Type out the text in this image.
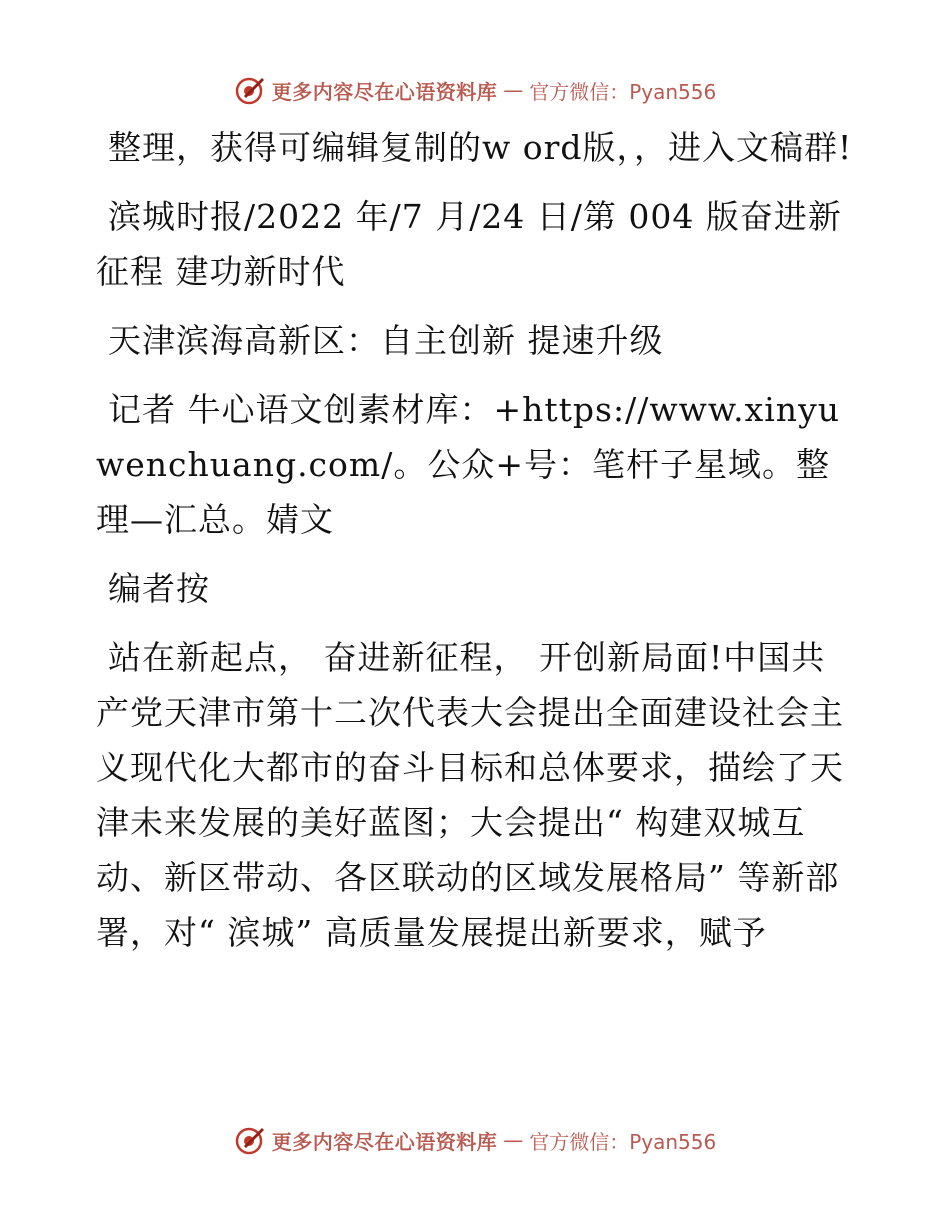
更多内容尽在心语资料库 — 官方微信：Pyan556

整理，获得可编辑复制的w ord版，，进入文稿群!

滨城时报/2022 年/7 月/24 日/第 004 版奋进新征程 建功新时代

天津滨海高新区：自主创新 提速升级

记者 牛心语文创素材库：+https://www.xinyuwenchuang.com/。公众+号：笔杆子星域。整理—汇总。婧文

编者按

站在新起点， 奋进新征程， 开创新局面!中国共产党天津市第十二次代表大会提出全面建设社会主义现代化大都市的奋斗目标和总体要求，描绘了天津未来发展的美好蓝图；大会提出“ 构建双城互动、新区带动、各区联动的区域发展格局” 等新部署，对“ 滨城” 高质量发展提出新要求，赋予

更多内容尽在心语资料库 — 官方微信：Pyan556
